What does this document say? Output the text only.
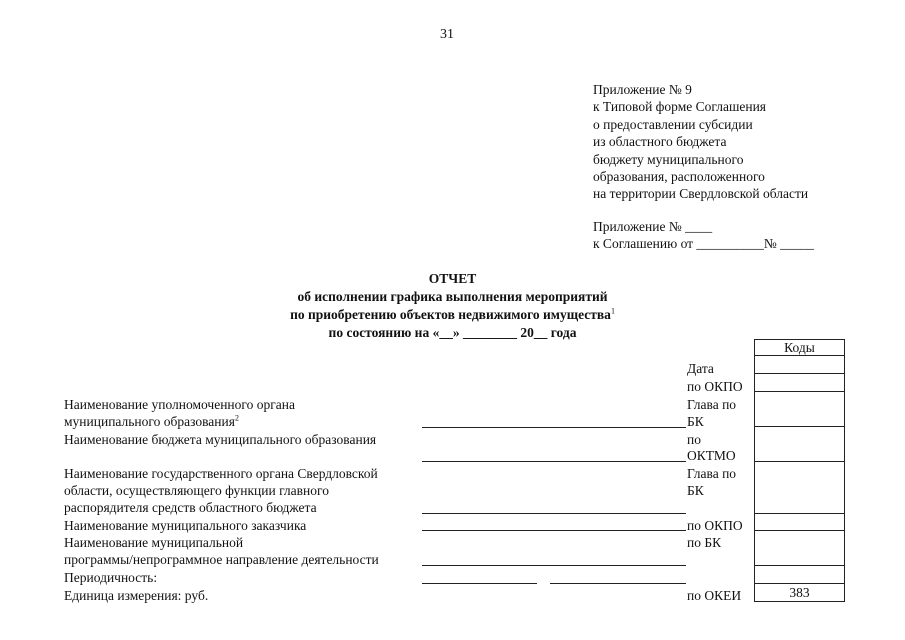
31
Приложение № 9
к Типовой форме Соглашения
о предоставлении субсидии
из областного бюджета
бюджету муниципального
образования, расположенного
на территории Свердловской области
Приложение № ____
к Соглашению от __________№ _____
ОТЧЕТ
об исполнении графика выполнения мероприятий
по приобретению объектов недвижимого имущества$^1$
по состоянию на «__» ________ 20__ года
Наименование уполномоченного органа
муниципального образования$^2$
Наименование бюджета муниципального образования
Наименование государственного органа Свердловской
области, осуществляющего функции главного
распорядителя средств областного бюджета
Наименование муниципального заказчика
Наименование муниципальной
программы/непрограммное направление деятельности
Периодичность:
Единица измерения: руб.
Дата
по ОКПО
Глава по
БК
по
ОКТМО
Глава по
БК
по ОКПО
по БК
по ОКЕИ
Коды
383
